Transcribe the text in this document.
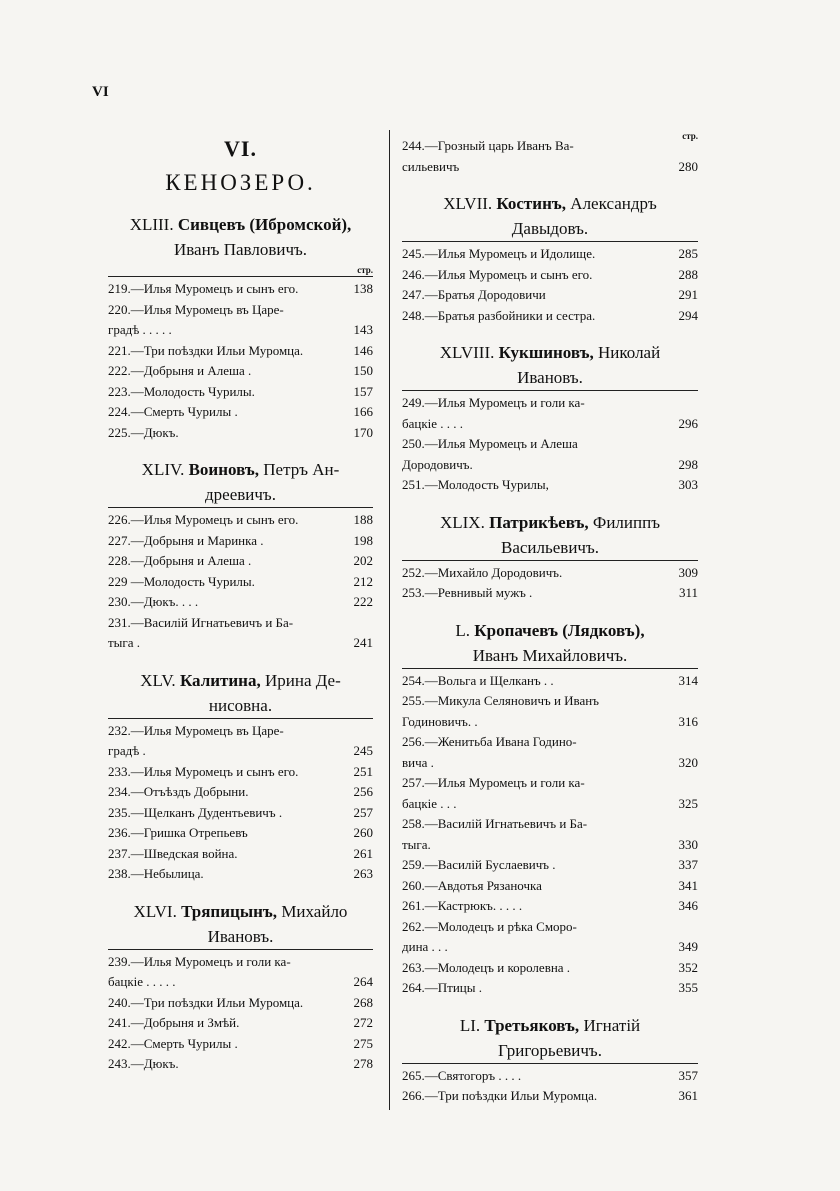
VI
VI.
КЕНОЗЕРО.
XLIII. Сивцевъ (Ибромской),
Иванъ Павловичъ.
стр.
219.—Илья Муромецъ и сынъ его.	138
220.—Илья Муромецъ въ Царе-
градѣ . . . . .	143
221.—Три поѣздки Ильи Муромца.	146
222.—Добрыня и Алеша .	150
223.—Молодость Чурилы.	157
224.—Смерть Чурилы .	166
225.—Дюкъ.	170
XLIV. Воиновъ, Петръ Ан-
дреевичъ.
226.—Илья Муромецъ и сынъ его.	188
227.—Добрыня и Маринка .	198
228.—Добрыня и Алеша .	202
229 —Молодость Чурилы.	212
230.—Дюкъ. . . .	222
231.—Василій Игнатьевичъ и Ба-
тыга .	241
XLV. Калитина, Ирина Де-
нисовна.
232.—Илья Муромецъ въ Царе-
градѣ .	245
233.—Илья Муромецъ и сынъ его.	251
234.—Отъѣздъ Добрыни.	256
235.—Щелканъ Дудентьевичъ .	257
236.—Гришка Отрепьевъ	260
237.—Шведская война.	261
238.—Небылица.	263
XLVI. Тряпицынъ, Михайло
Ивановъ.
239.—Илья Муромецъ и голи ка-
бацкіе . . . . .	264
240.—Три поѣздки Ильи Муромца.	268
241.—Добрыня и Змѣй.	272
242.—Смерть Чурилы .	275
243.—Дюкъ.	278
стр.
244.—Грозный царь Иванъ Ва-
сильевичъ	280
XLVII. Костинъ, Александръ
Давыдовъ.
245.—Илья Муромецъ и Идолище.	285
246.—Илья Муромецъ и сынъ его.	288
247.—Братья Дородовичи	291
248.—Братья разбойники и сестра.	294
XLVIII. Кукшиновъ, Николай
Ивановъ.
249.—Илья Муромецъ и голи ка-
бацкіе . . . .	296
250.—Илья Муромецъ и Алеша
Дородовичъ.	298
251.—Молодость Чурилы,	303
XLIX. Патрикѣевъ, Филиппъ
Васильевичъ.
252.—Михайло Дородовичъ.	309
253.—Ревнивый мужъ .	311
L. Кропачевъ (Лядковъ),
Иванъ Михайловичъ.
254.—Вольга и Щелканъ . .	314
255.—Микула Селяновичъ и Иванъ
Годиновичъ. .	316
256.—Женитьба Ивана Годино-
вича .	320
257.—Илья Муромецъ и голи ка-
бацкіе . . .	325
258.—Василій Игнатьевичъ и Ба-
тыга.	330
259.—Василій Буслаевичъ .	337
260.—Авдотья Рязаночка	341
261.—Кастрюкъ. . . . .	346
262.—Молодецъ и рѣка Сморо-
дина . . .	349
263.—Молодецъ и королевна .	352
264.—Птицы .	355
LI. Третьяковъ, Игнатій
Григорьевичъ.
265.—Святогоръ . . . .	357
266.—Три поѣздки Ильи Муромца.	361
